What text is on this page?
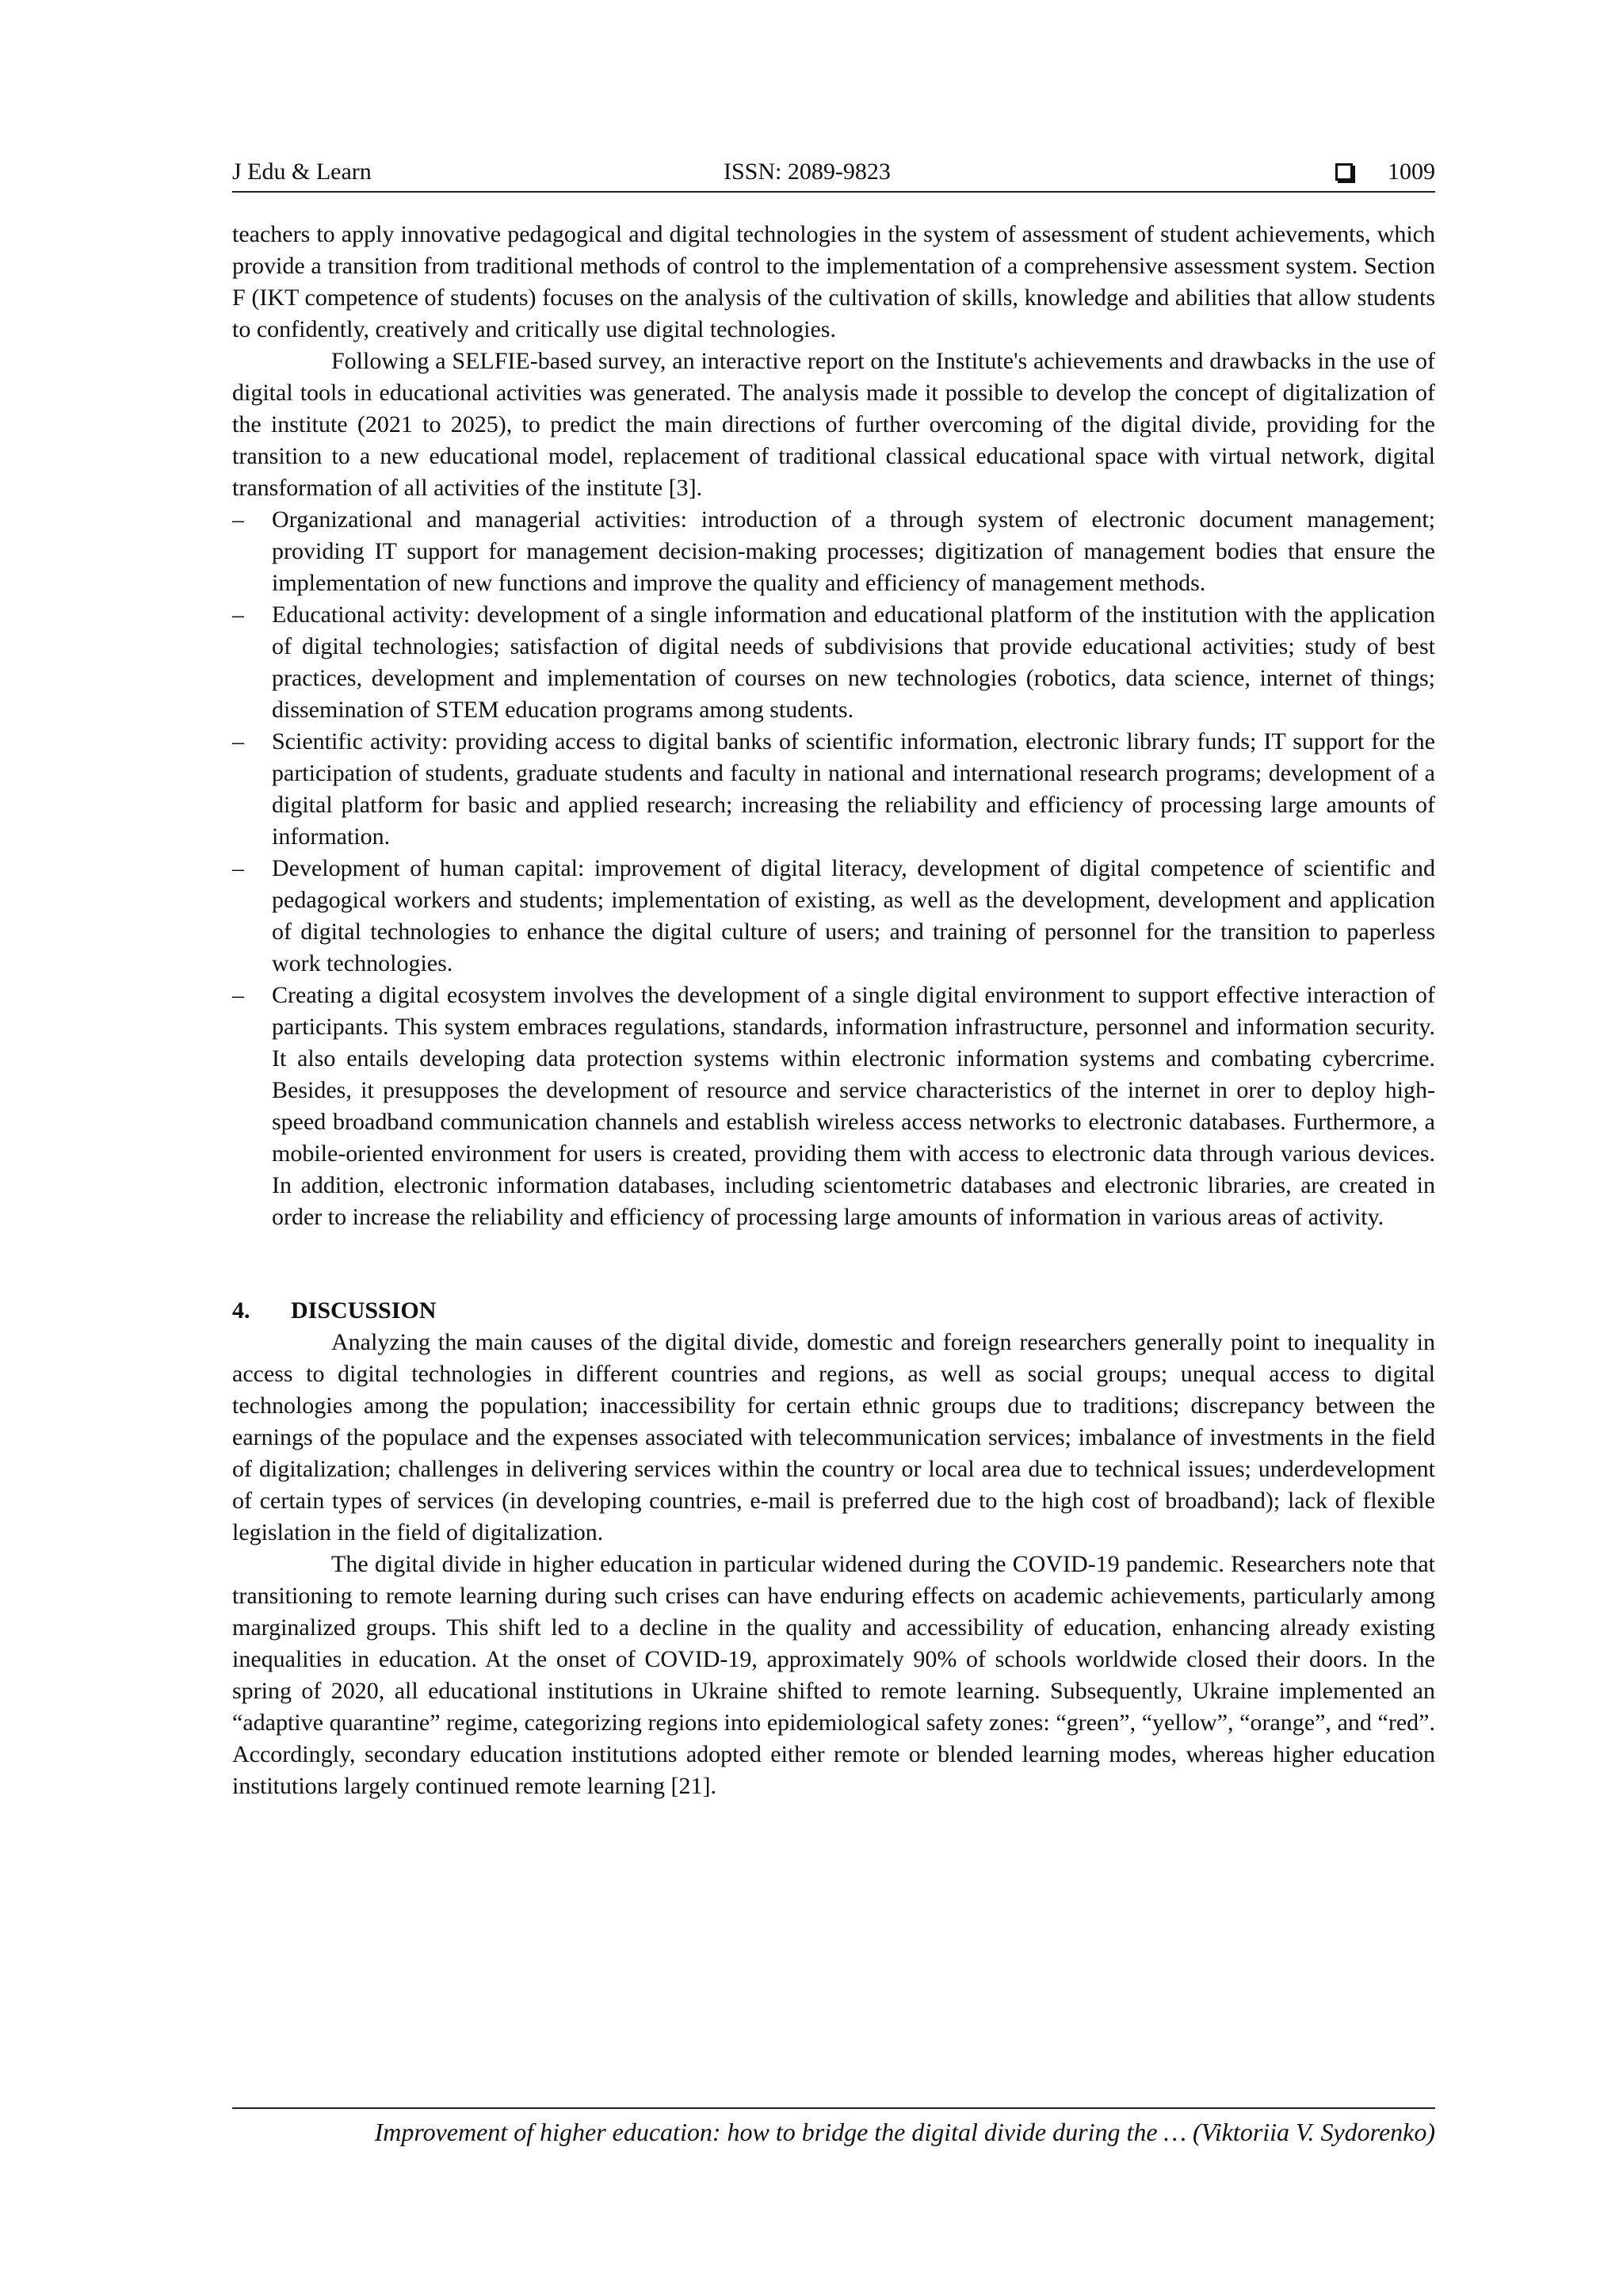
J Edu & Learn	ISSN: 2089-9823	1009

teachers to apply innovative pedagogical and digital technologies in the system of assessment of student achievements, which provide a transition from traditional methods of control to the implementation of a comprehensive assessment system. Section F (IKT competence of students) focuses on the analysis of the cultivation of skills, knowledge and abilities that allow students to confidently, creatively and critically use digital technologies.

Following a SELFIE-based survey, an interactive report on the Institute's achievements and drawbacks in the use of digital tools in educational activities was generated. The analysis made it possible to develop the concept of digitalization of the institute (2021 to 2025), to predict the main directions of further overcoming of the digital divide, providing for the transition to a new educational model, replacement of traditional classical educational space with virtual network, digital transformation of all activities of the institute [3].

– Organizational and managerial activities: introduction of a through system of electronic document management; providing IT support for management decision-making processes; digitization of management bodies that ensure the implementation of new functions and improve the quality and efficiency of management methods.
– Educational activity: development of a single information and educational platform of the institution with the application of digital technologies; satisfaction of digital needs of subdivisions that provide educational activities; study of best practices, development and implementation of courses on new technologies (robotics, data science, internet of things; dissemination of STEM education programs among students.
– Scientific activity: providing access to digital banks of scientific information, electronic library funds; IT support for the participation of students, graduate students and faculty in national and international research programs; development of a digital platform for basic and applied research; increasing the reliability and efficiency of processing large amounts of information.
– Development of human capital: improvement of digital literacy, development of digital competence of scientific and pedagogical workers and students; implementation of existing, as well as the development, development and application of digital technologies to enhance the digital culture of users; and training of personnel for the transition to paperless work technologies.
– Creating a digital ecosystem involves the development of a single digital environment to support effective interaction of participants. This system embraces regulations, standards, information infrastructure, personnel and information security. It also entails developing data protection systems within electronic information systems and combating cybercrime. Besides, it presupposes the development of resource and service characteristics of the internet in orer to deploy high-speed broadband communication channels and establish wireless access networks to electronic databases. Furthermore, a mobile-oriented environment for users is created, providing them with access to electronic data through various devices. In addition, electronic information databases, including scientometric databases and electronic libraries, are created in order to increase the reliability and efficiency of processing large amounts of information in various areas of activity.

4. DISCUSSION

Analyzing the main causes of the digital divide, domestic and foreign researchers generally point to inequality in access to digital technologies in different countries and regions, as well as social groups; unequal access to digital technologies among the population; inaccessibility for certain ethnic groups due to traditions; discrepancy between the earnings of the populace and the expenses associated with telecommunication services; imbalance of investments in the field of digitalization; challenges in delivering services within the country or local area due to technical issues; underdevelopment of certain types of services (in developing countries, e-mail is preferred due to the high cost of broadband); lack of flexible legislation in the field of digitalization.

The digital divide in higher education in particular widened during the COVID-19 pandemic. Researchers note that transitioning to remote learning during such crises can have enduring effects on academic achievements, particularly among marginalized groups. This shift led to a decline in the quality and accessibility of education, enhancing already existing inequalities in education. At the onset of COVID-19, approximately 90% of schools worldwide closed their doors. In the spring of 2020, all educational institutions in Ukraine shifted to remote learning. Subsequently, Ukraine implemented an “adaptive quarantine” regime, categorizing regions into epidemiological safety zones: “green”, “yellow”, “orange”, and “red”. Accordingly, secondary education institutions adopted either remote or blended learning modes, whereas higher education institutions largely continued remote learning [21].

Improvement of higher education: how to bridge the digital divide during the … (Viktoriia V. Sydorenko)
